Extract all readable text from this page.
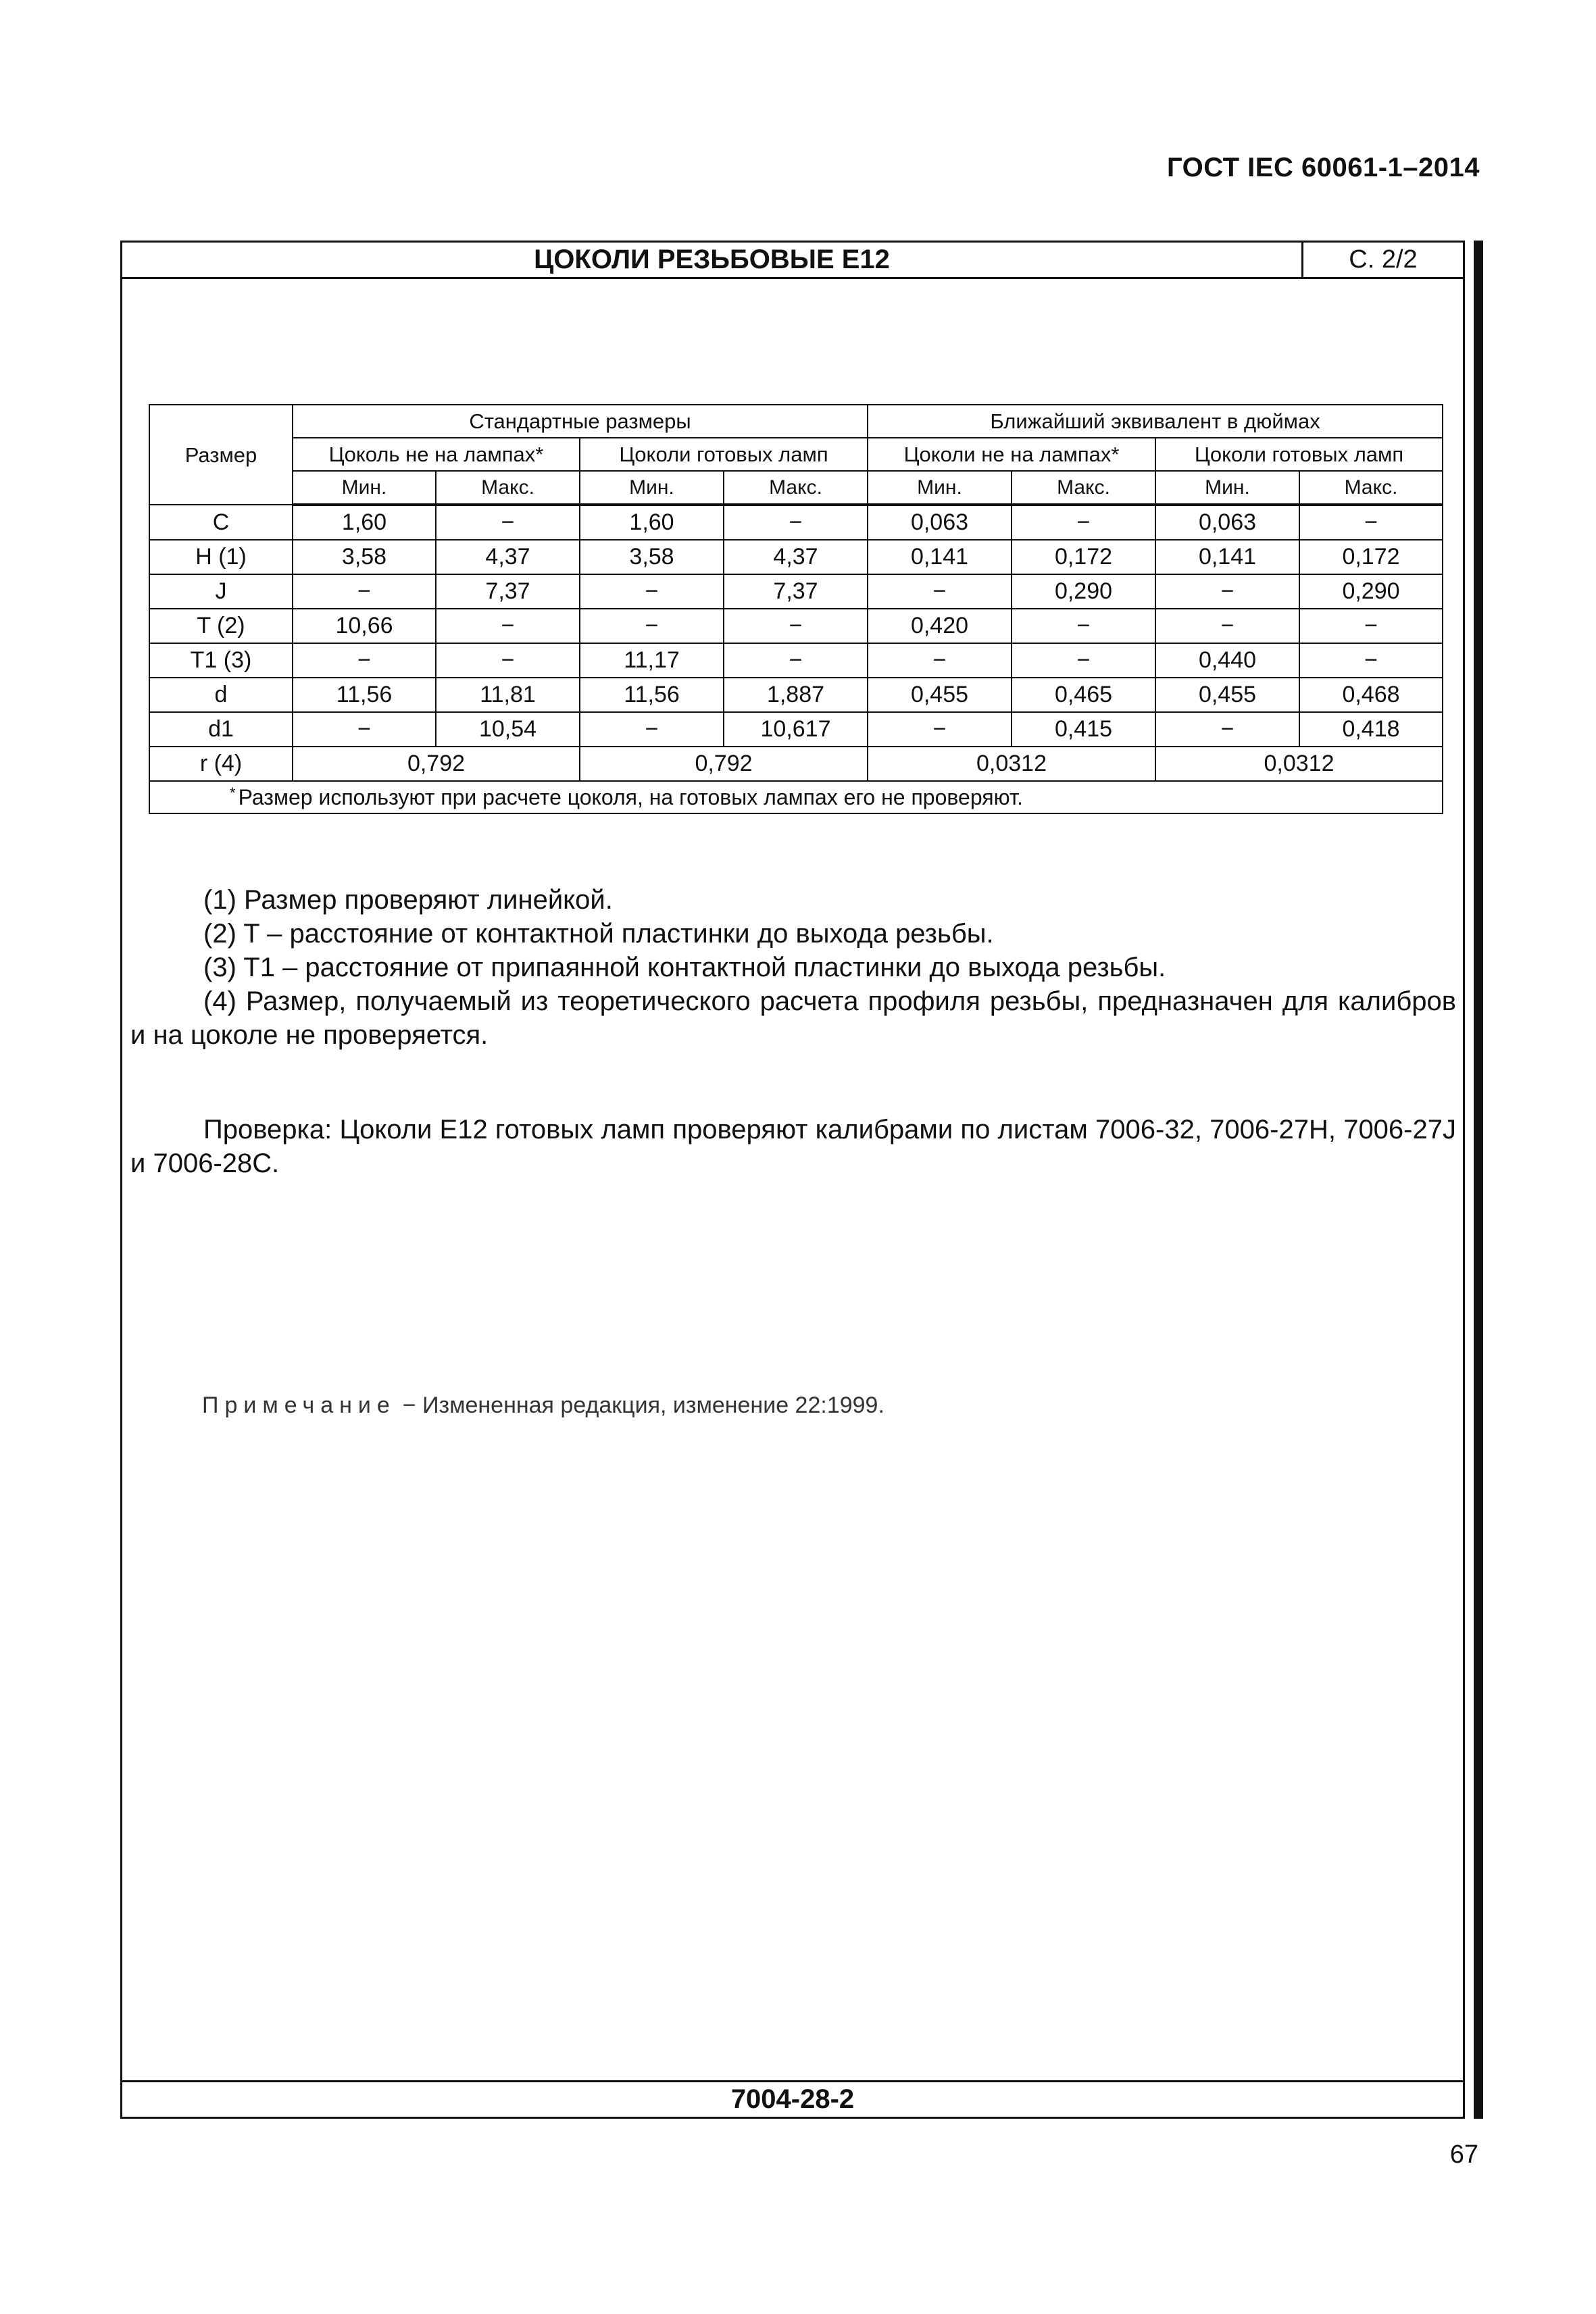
ГОСТ IEC 60061-1–2014
ЦОКОЛИ РЕЗЬБОВЫЕ E12	С. 2/2
Размер	Стандартные размеры				Ближайший эквивалент в дюймах			
	Цоколь не на лампах*		Цоколи готовых ламп		Цоколи не на лампах*		Цоколи готовых ламп	
	Мин.	Макс.	Мин.	Макс.	Мин.	Макс.	Мин.	Макс.
C	1,60	−	1,60	−	0,063	−	0,063	−
H (1)	3,58	4,37	3,58	4,37	0,141	0,172	0,141	0,172
J	−	7,37	−	7,37	−	0,290	−	0,290
T (2)	10,66	−	−	−	0,420	−	−	−
T1 (3)	−	−	11,17	−	−	−	0,440	−
d	11,56	11,81	11,56	1,887	0,455	0,465	0,455	0,468
d1	−	10,54	−	10,617	−	0,415	−	0,418
r (4)	0,792		0,792		0,0312		0,0312	
* Размер используют при расчете цоколя, на готовых лампах его не проверяют.								

(1) Размер проверяют линейкой.

(2) T – расстояние от контактной пластинки до выхода резьбы.

(3) T1 – расстояние от припаянной контактной пластинки до выхода резьбы.

(4) Размер, получаемый из теоретического расчета профиля резьбы, предназначен для калибров и на цоколе не проверяется.

Проверка: Цоколи E12 готовых ламп проверяют калибрами по листам 7006-32, 7006-27H, 7006-27J и 7006-28C.

Примечание − Измененная редакция, изменение 22:1999.
7004-28-2
67
